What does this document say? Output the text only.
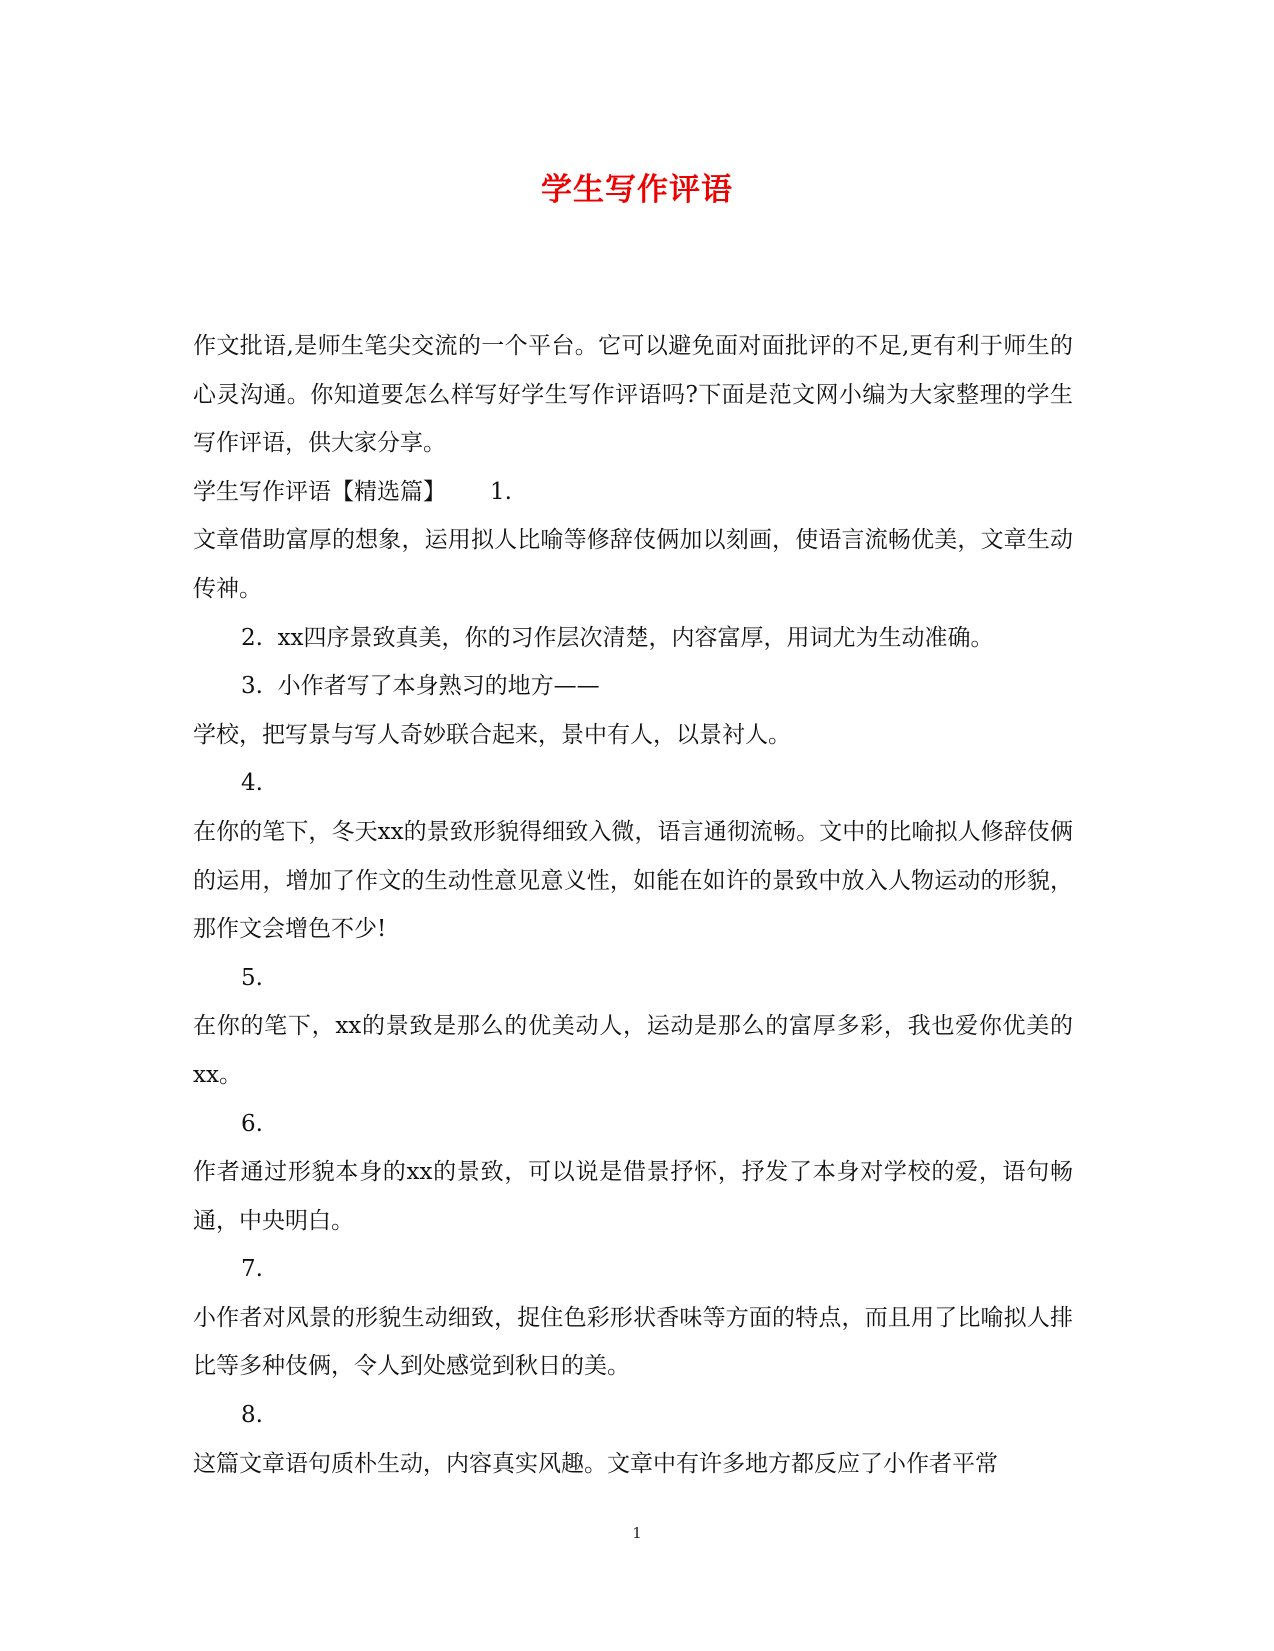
学生写作评语

作文批语,是师生笔尖交流的一个平台。它可以避免面对面批评的不足,更有利于师生的心灵沟通。你知道要怎么样写好学生写作评语吗?下面是范文网小编为大家整理的学生写作评语，供大家分享。

学生写作评语【精选篇】 1.

文章借助富厚的想象，运用拟人比喻等修辞伎俩加以刻画，使语言流畅优美，文章生动传神。

2. xx四序景致真美，你的习作层次清楚，内容富厚，用词尤为生动准确。

3. 小作者写了本身熟习的地方——

学校，把写景与写人奇妙联合起来，景中有人，以景衬人。

4.

在你的笔下，冬天xx的景致形貌得细致入微，语言通彻流畅。文中的比喻拟人修辞伎俩的运用，增加了作文的生动性意见意义性，如能在如许的景致中放入人物运动的形貌，那作文会增色不少!

5.

在你的笔下，xx的景致是那么的优美动人，运动是那么的富厚多彩，我也爱你优美的xx。

6.

作者通过形貌本身的xx的景致，可以说是借景抒怀，抒发了本身对学校的爱，语句畅通，中央明白。

7.

小作者对风景的形貌生动细致，捉住色彩形状香味等方面的特点，而且用了比喻拟人排比等多种伎俩，令人到处感觉到秋日的美。

8.

这篇文章语句质朴生动，内容真实风趣。文章中有许多地方都反应了小作者平常

1
